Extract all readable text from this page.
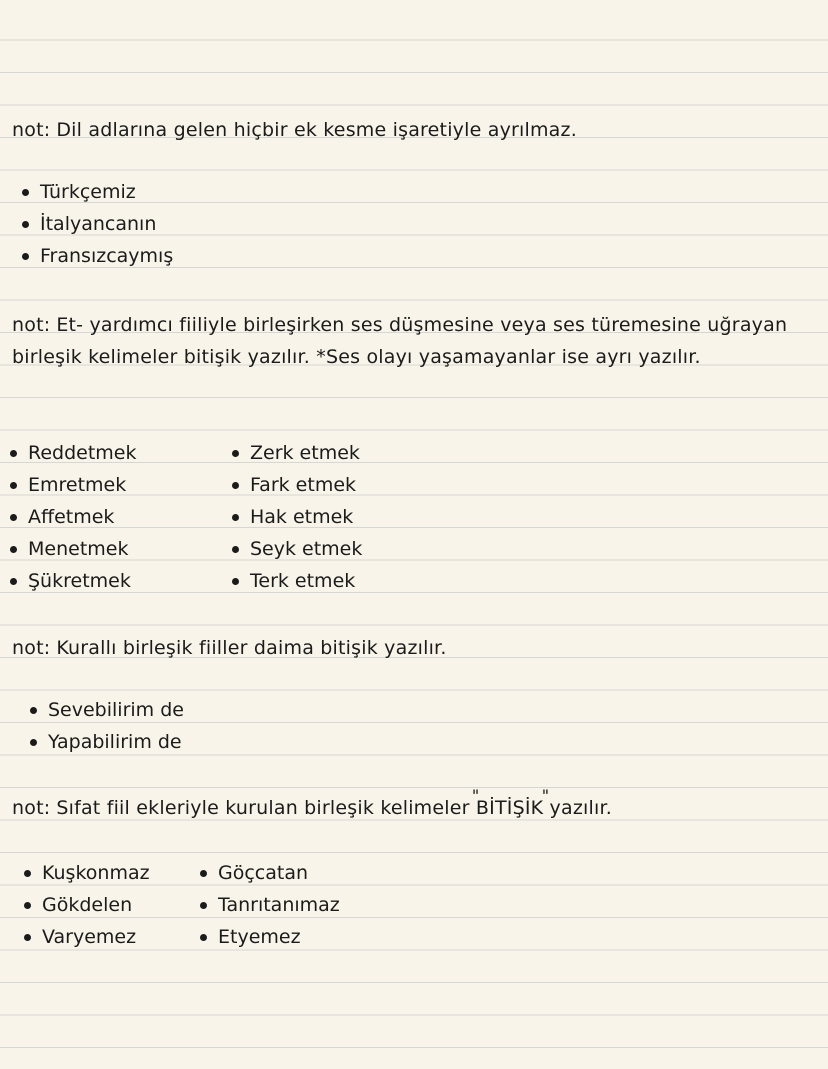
not: Dil adlarına gelen hiçbir ek kesme işaretiyle ayrılmaz.
Türkçemiz
İtalyancanın
Fransızcaymış
not: Et- yardımcı fiiliyle birleşirken ses düşmesine veya ses türemesine uğrayan birleşik kelimeler bitişik yazılır. *Ses olayı yaşamayanlar ise ayrı yazılır.
Reddetmek
Emretmek
Affetmek
Menetmek
Şükretmek
Zerk etmek
Fark etmek
Hak etmek
Seyk etmek
Terk etmek
not: Kurallı birleşik fiiller daima bitişik yazılır.
Sevebilirim de
Yapabilirim de
not: Sıfat fiil ekleriyle kurulan birleşik kelimeler
"
BİTİŞİK
"
yazılır.
Kuşkonmaz
Gökdelen
Varyemez
Göçcatan
Tanrıtanımaz
Etyemez
